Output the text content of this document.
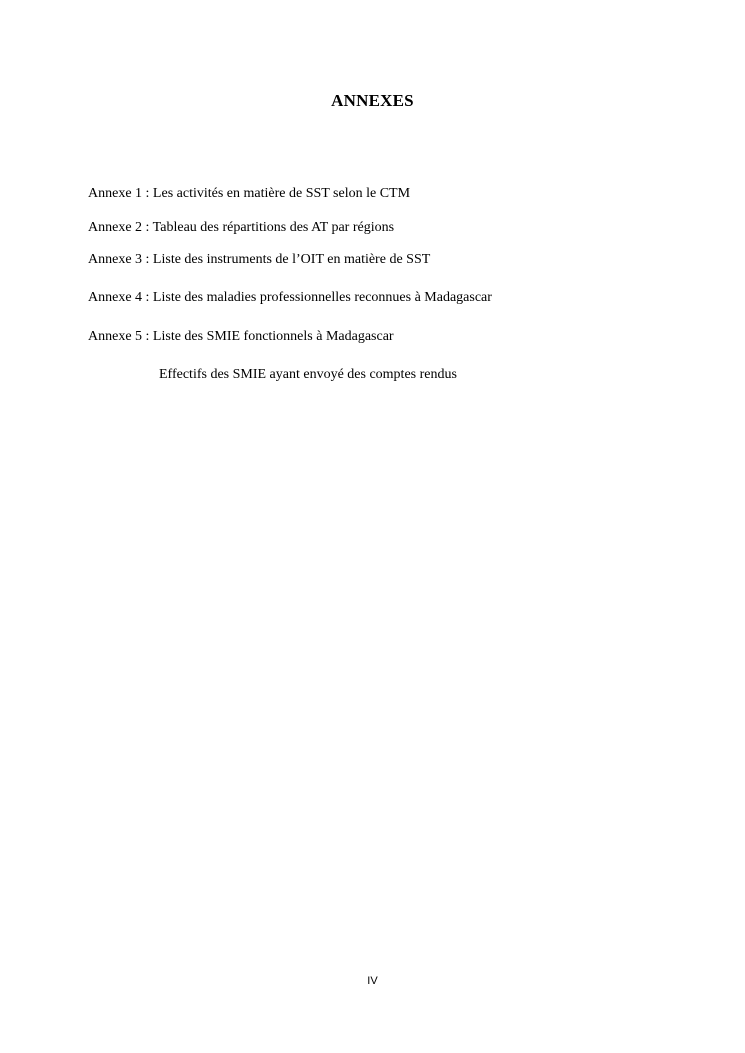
ANNEXES
Annexe 1 : Les activités en matière de SST selon le CTM
Annexe 2 : Tableau des répartitions des AT par régions
Annexe 3 : Liste des instruments de l’OIT en matière de SST
Annexe 4 : Liste des maladies professionnelles reconnues à Madagascar
Annexe 5 : Liste des SMIE fonctionnels à Madagascar
Effectifs des SMIE ayant envoyé des comptes rendus
IV
